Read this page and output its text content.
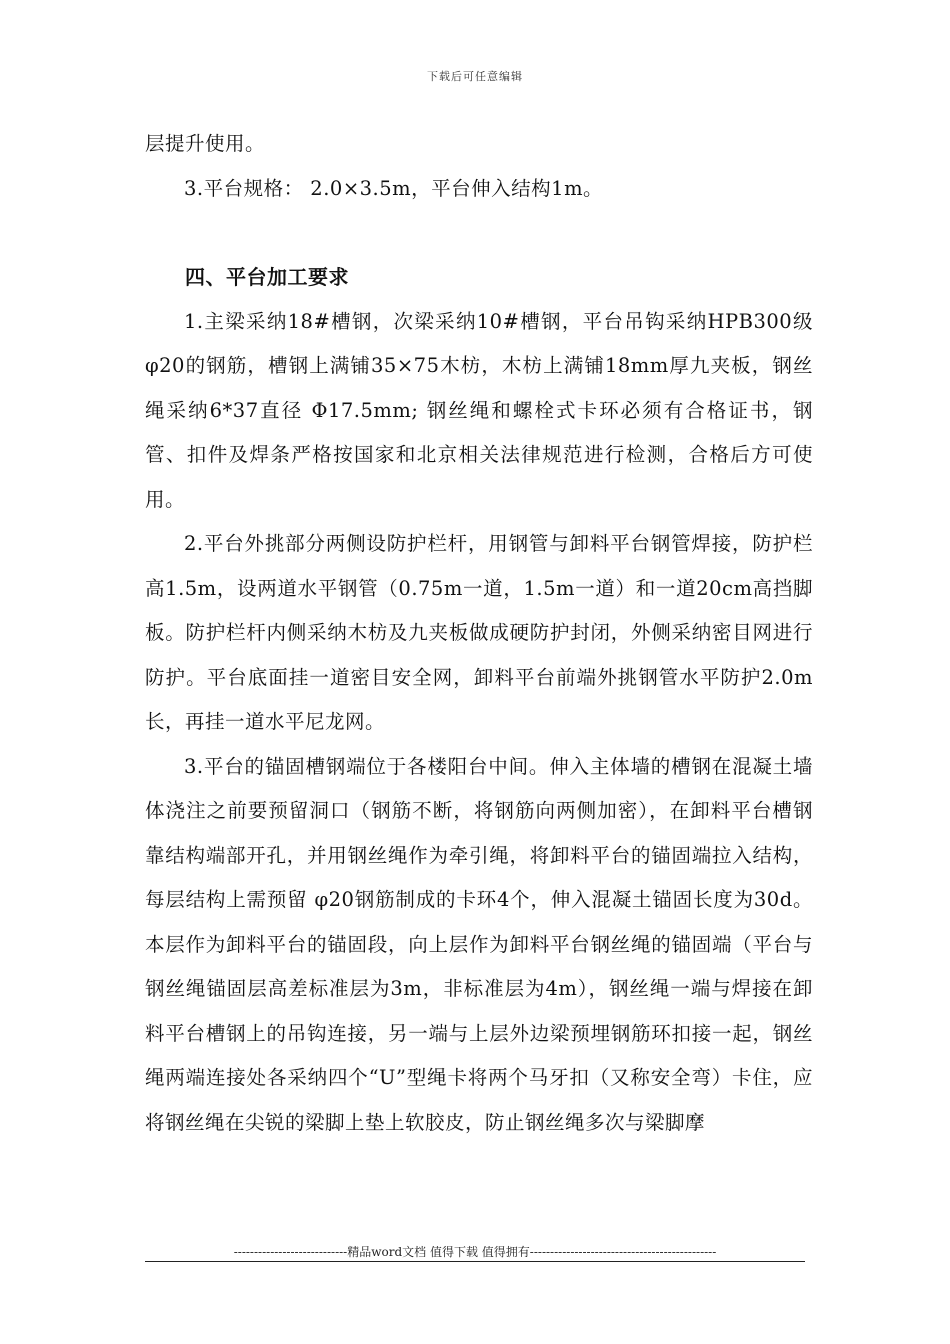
下载后可任意编辑

层提升使用。

3.平台规格： 2.0×3.5m，平台伸入结构1m。

四、平台加工要求

1.主梁采纳18#槽钢，次梁采纳10#槽钢，平台吊钩采纳HPB300级 φ20的钢筋，槽钢上满铺35×75木枋，木枋上满铺18mm厚九夹板，钢丝绳采纳6*37直径 Φ17.5mm; 钢丝绳和螺栓式卡环必须有合格证书，钢管、扣件及焊条严格按国家和北京相关法律规范进行检测，合格后方可使用。

2.平台外挑部分两侧设防护栏杆，用钢管与卸料平台钢管焊接，防护栏高1.5m，设两道水平钢管（0.75m一道，1.5m一道）和一道20cm高挡脚板。防护栏杆内侧采纳木枋及九夹板做成硬防护封闭，外侧采纳密目网进行防护。平台底面挂一道密目安全网，卸料平台前端外挑钢管水平防护2.0m长，再挂一道水平尼龙网。

3.平台的锚固槽钢端位于各楼阳台中间。伸入主体墙的槽钢在混凝土墙体浇注之前要预留洞口（钢筋不断，将钢筋向两侧加密），在卸料平台槽钢靠结构端部开孔，并用钢丝绳作为牵引绳，将卸料平台的锚固端拉入结构，每层结构上需预留 φ20钢筋制成的卡环4个，伸入混凝土锚固长度为30d。本层作为卸料平台的锚固段，向上层作为卸料平台钢丝绳的锚固端（平台与钢丝绳锚固层高差标准层为3m，非标准层为4m），钢丝绳一端与焊接在卸料平台槽钢上的吊钩连接，另一端与上层外边梁预埋钢筋环扣接一起，钢丝绳两端连接处各采纳四个“U”型绳卡将两个马牙扣（又称安全弯）卡住，应将钢丝绳在尖锐的梁脚上垫上软胶皮，防止钢丝绳多次与梁脚摩

----------------------------精品word文档 值得下载 值得拥有----------------------------------------------
